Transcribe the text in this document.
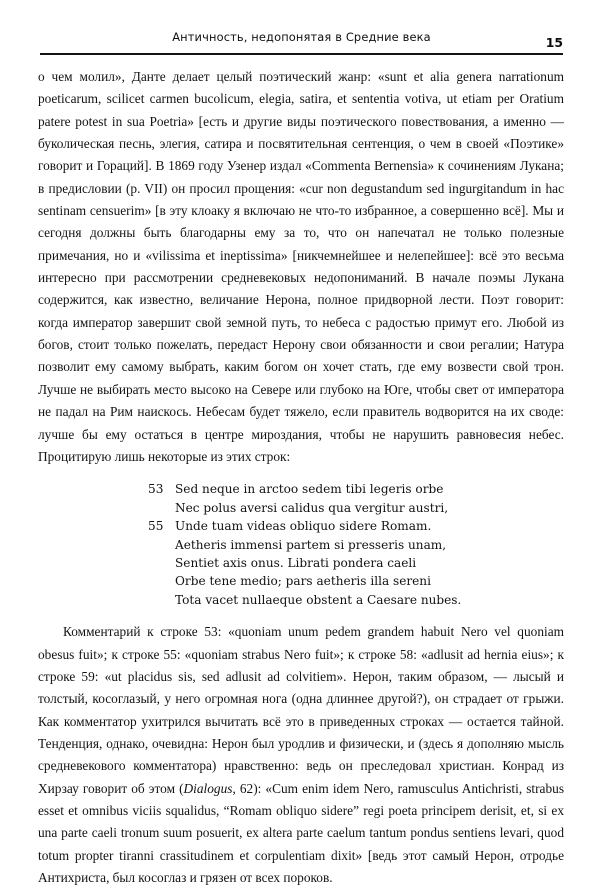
Античность, недопонятая в Средние века	15

о чем молил», Данте делает целый поэтический жанр: «sunt et alia genera narrationum poeticarum, scilicet carmen bucolicum, elegia, satira, et sententia votiva, ut etiam per Oratium patere potest in sua Poetria» [есть и другие виды поэтического повествования, а именно — буколическая песнь, элегия, сатира и посвятительная сентенция, о чем в своей «Поэтике» говорит и Гораций]. В 1869 году Узенер издал «Commenta Bernensia» к сочинениям Лукана; в предисловии (p. VII) он просил прощения: «cur non degustandum sed ingurgitandum in hac sentinam censuerim» [в эту клоаку я включаю не что-то избранное, а совершенно всё]. Мы и сегодня должны быть благодарны ему за то, что он напечатал не только полезные примечания, но и «vilissima et ineptissima» [никчемнейшее и нелепейшее]: всё это весьма интересно при рассмотрении средневековых недопониманий. В начале поэмы Лукана содержится, как известно, величание Нерона, полное придворной лести. Поэт говорит: когда император завершит свой земной путь, то небеса с радостью примут его. Любой из богов, стоит только пожелать, передаст Нерону свои обязанности и свои регалии; Натура позволит ему самому выбрать, каким богом он хочет стать, где ему возвести свой трон. Лучше не выбирать место высоко на Севере или глубоко на Юге, чтобы свет от императора не падал на Рим наискось. Небесам будет тяжело, если правитель водворится на их своде: лучше бы ему остаться в центре мироздания, чтобы не нарушить равновесия небес. Процитирую лишь некоторые из этих строк:

53 Sed neque in arctoo sedem tibi legeris orbe
Nec polus aversi calidus qua vergitur austri,
55 Unde tuam videas obliquo sidere Romam.
Aetheris immensi partem si presseris unam,
Sentiet axis onus. Librati pondera caeli
Orbe tene medio; pars aetheris illa sereni
Tota vacet nullaeque obstent a Caesare nubes.

Комментарий к строке 53: «quoniam unum pedem grandem habuit Nero vel quoniam obesus fuit»; к строке 55: «quoniam strabus Nero fuit»; к строке 58: «adlusit ad hernia eius»; к строке 59: «ut placidus sis, sed adlusit ad colvitiem». Нерон, таким образом, — лысый и толстый, косоглазый, у него огромная нога (одна длиннее другой?), он страдает от грыжи. Как комментатор ухитрился вычитать всё это в приведенных строках — остается тайной. Тенденция, однако, очевидна: Нерон был уродлив и физически, и (здесь я дополняю мысль средневекового комментатора) нравственно: ведь он преследовал христиан. Конрад из Хирзау говорит об этом (Dialogus, 62): «Cum enim idem Nero, ramusculus Antichristi, strabus esset et omnibus viciis squalidus, “Romam obliquo sidere” regi poeta principem derisit, et, si ex una parte caeli tronum suum posuerit, ex altera parte caelum tantum pondus sentiens levari, quod totum propter tiranni crassitudinem et corpulentiam dixit» [ведь этот самый Нерон, отродье Антихриста, был косоглаз и грязен от всех пороков.
